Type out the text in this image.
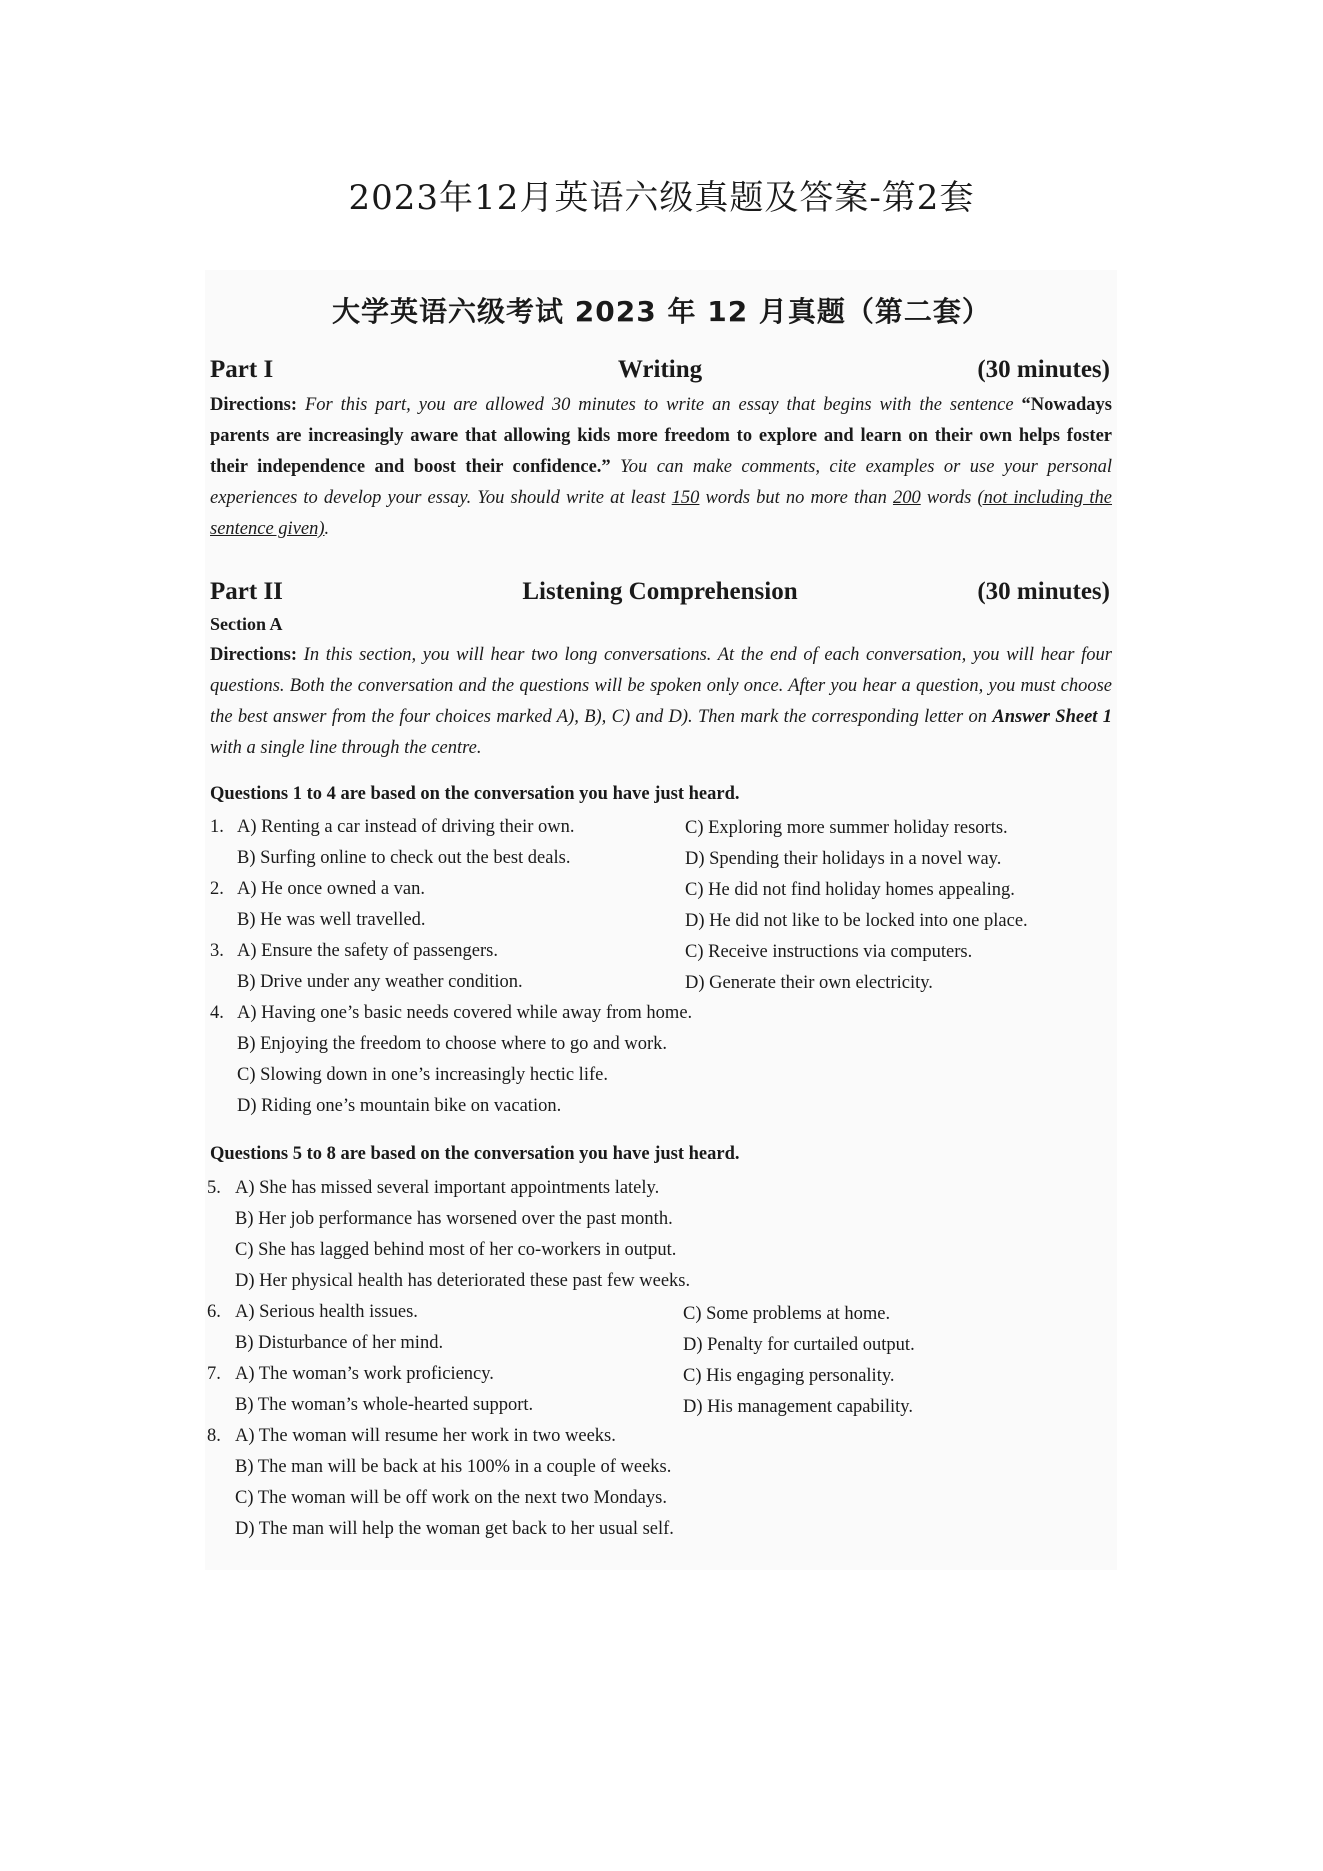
2023年12月英语六级真题及答案-第2套
大学英语六级考试 2023 年 12 月真题（第二套）
Part I	Writing	(30 minutes)
Directions: For this part, you are allowed 30 minutes to write an essay that begins with the sentence “Nowadays parents are increasingly aware that allowing kids more freedom to explore and learn on their own helps foster their independence and boost their confidence.” You can make comments, cite examples or use your personal experiences to develop your essay. You should write at least 150 words but no more than 200 words (not including the sentence given).
Part II	Listening Comprehension	(30 minutes)
Section A
Directions: In this section, you will hear two long conversations. At the end of each conversation, you will hear four questions. Both the conversation and the questions will be spoken only once. After you hear a question, you must choose the best answer from the four choices marked A), B), C) and D). Then mark the corresponding letter on Answer Sheet 1 with a single line through the centre.
Questions 1 to 4 are based on the conversation you have just heard.
1. A) Renting a car instead of driving their own.	C) Exploring more summer holiday resorts.
B) Surfing online to check out the best deals.	D) Spending their holidays in a novel way.
2. A) He once owned a van.	C) He did not find holiday homes appealing.
B) He was well travelled.	D) He did not like to be locked into one place.
3. A) Ensure the safety of passengers.	C) Receive instructions via computers.
B) Drive under any weather condition.	D) Generate their own electricity.
4. A) Having one’s basic needs covered while away from home.
B) Enjoying the freedom to choose where to go and work.
C) Slowing down in one’s increasingly hectic life.
D) Riding one’s mountain bike on vacation.
Questions 5 to 8 are based on the conversation you have just heard.
5. A) She has missed several important appointments lately.
B) Her job performance has worsened over the past month.
C) She has lagged behind most of her co-workers in output.
D) Her physical health has deteriorated these past few weeks.
6. A) Serious health issues.	C) Some problems at home.
B) Disturbance of her mind.	D) Penalty for curtailed output.
7. A) The woman’s work proficiency.	C) His engaging personality.
B) The woman’s whole-hearted support.	D) His management capability.
8. A) The woman will resume her work in two weeks.
B) The man will be back at his 100% in a couple of weeks.
C) The woman will be off work on the next two Mondays.
D) The man will help the woman get back to her usual self.
